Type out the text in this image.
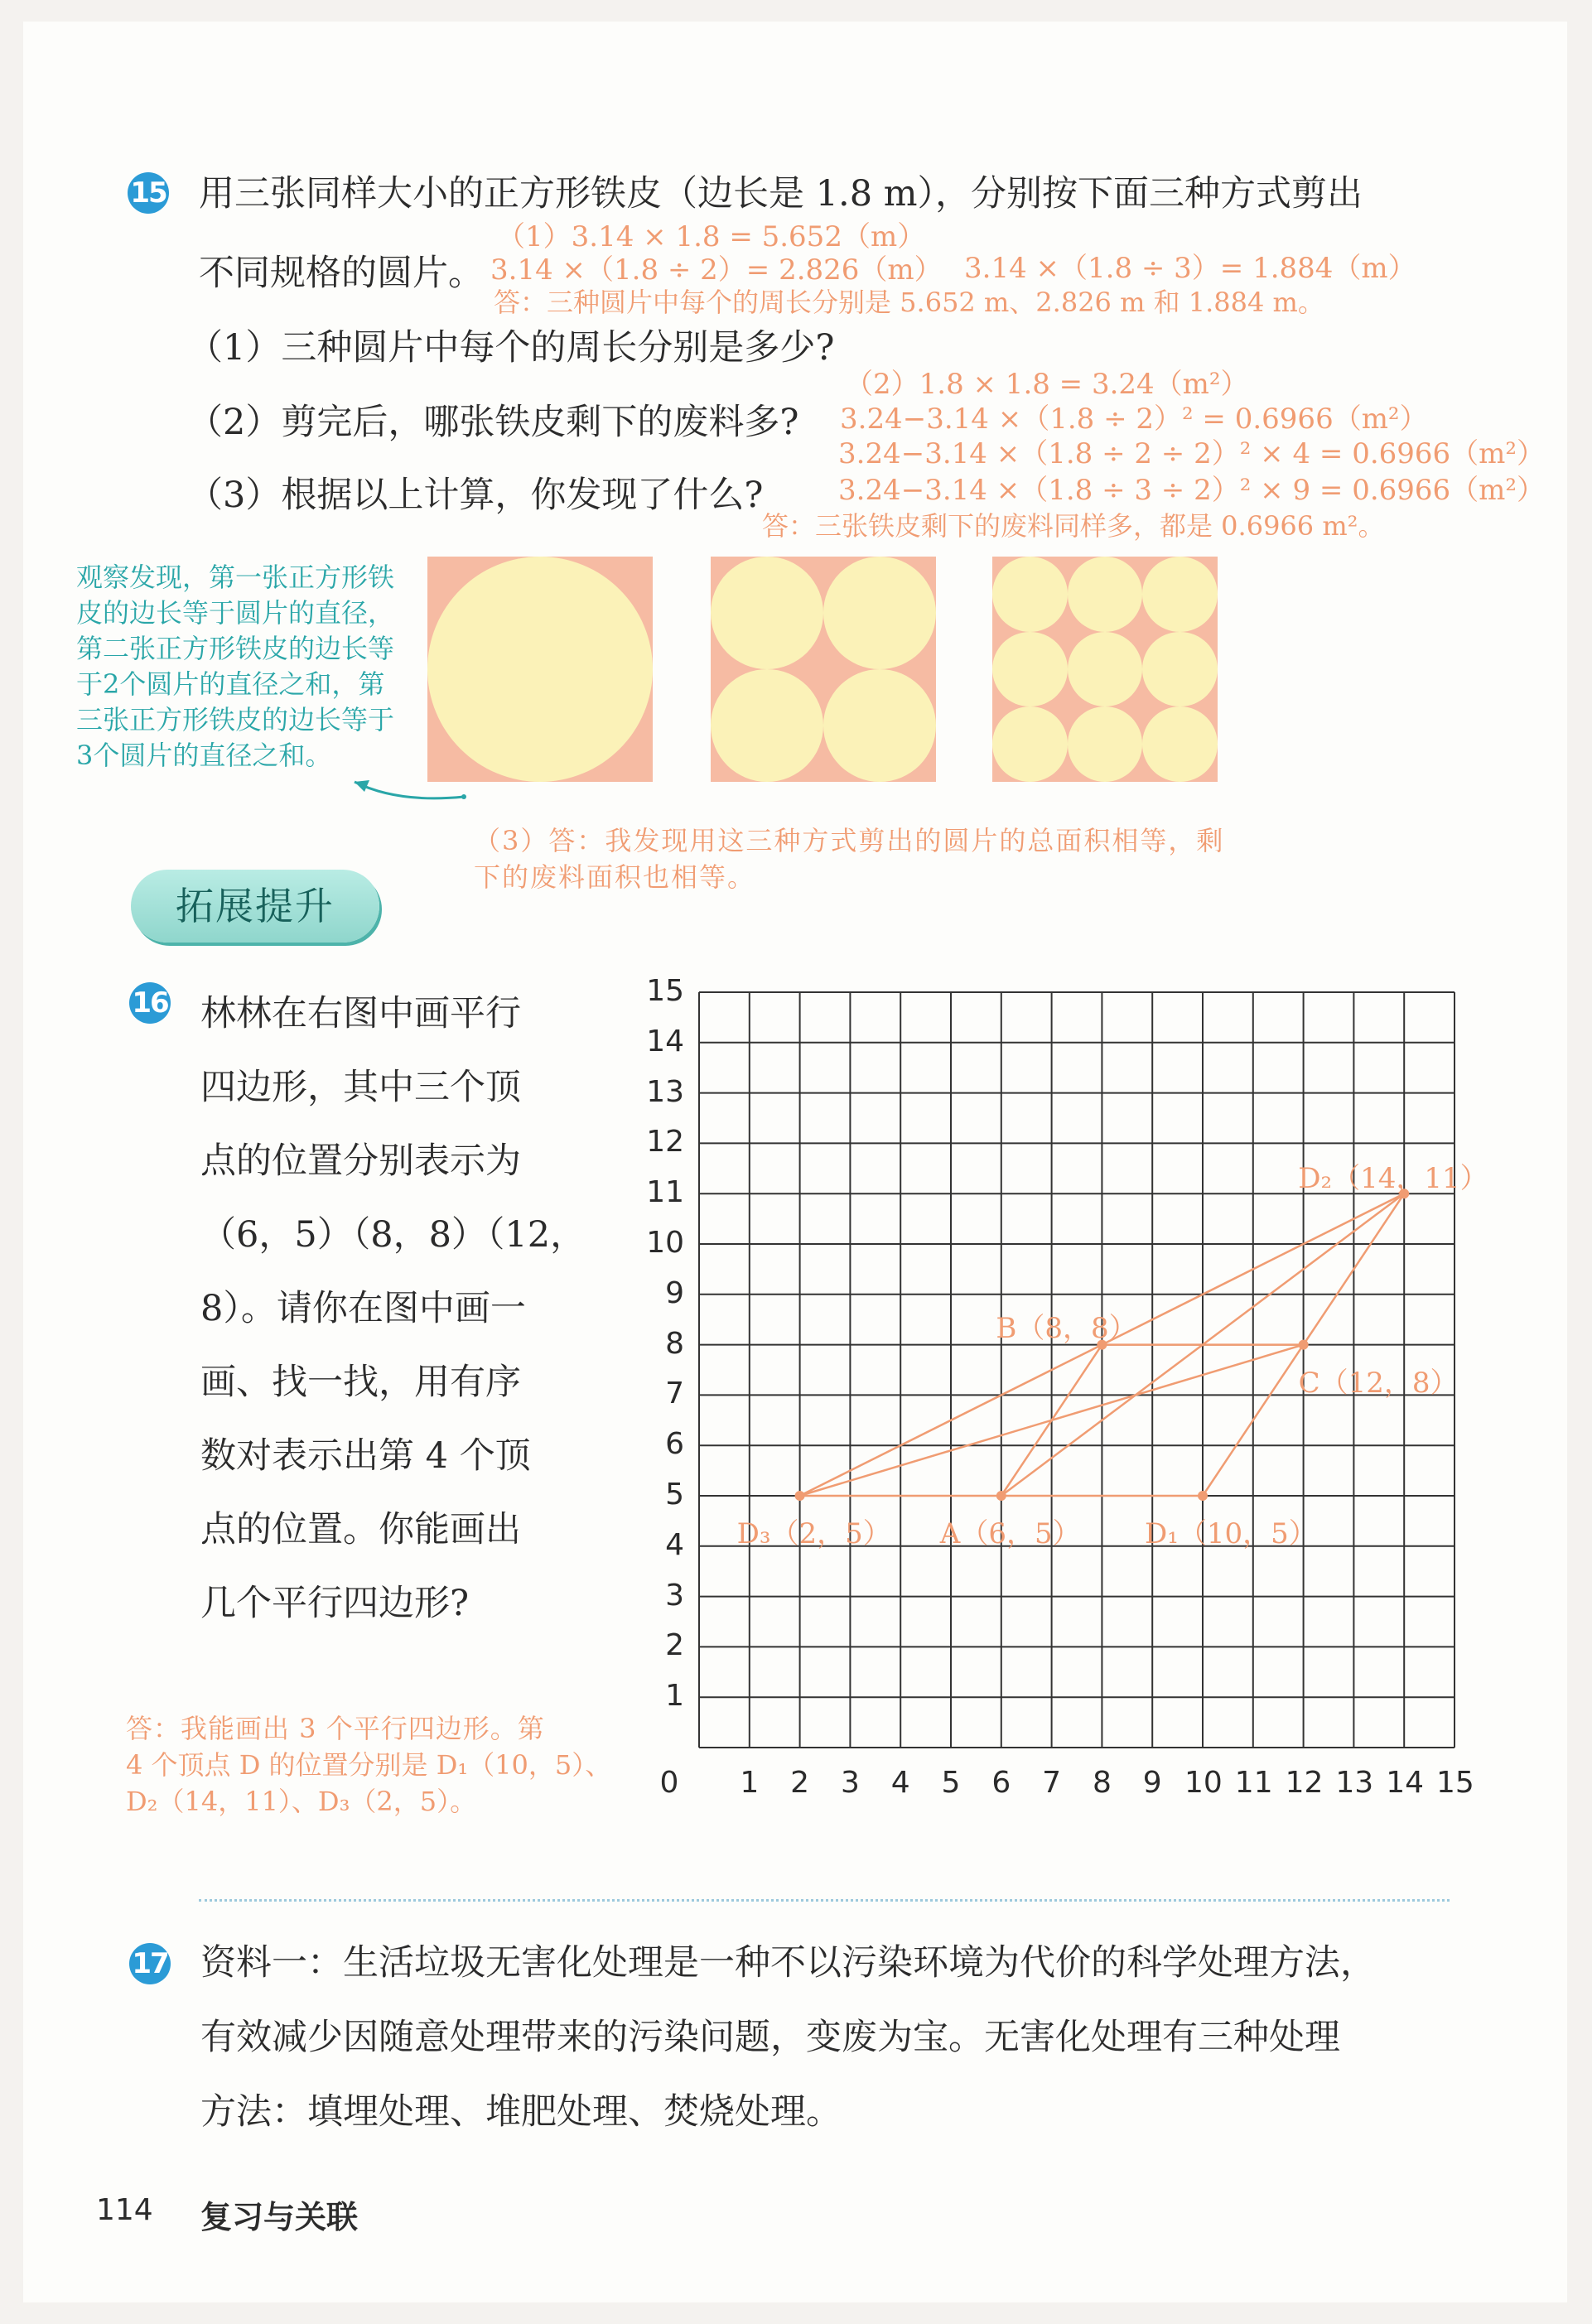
15 用三张同样大小的正方形铁皮（边长是 1.8 m），分别按下面三种方式剪出
（1）3.14 × 1.8 = 5.652（m）
不同规格的圆片。 3.14 ×（1.8 ÷ 2）= 2.826（m） 3.14 ×（1.8 ÷ 3）= 1.884（m）
答：三种圆片中每个的周长分别是 5.652 m、2.826 m 和 1.884 m。
（1）三种圆片中每个的周长分别是多少?
（2）1.8 × 1.8 = 3.24（m²）
（2）剪完后，哪张铁皮剩下的废料多? 3.24−3.14 ×（1.8 ÷ 2）² = 0.6966（m²）
3.24−3.14 ×（1.8 ÷ 2 ÷ 2）² × 4 = 0.6966（m²）
（3）根据以上计算，你发现了什么?	3.24−3.14 ×（1.8 ÷ 3 ÷ 2）² × 9 = 0.6966（m²）
答：三张铁皮剩下的废料同样多，都是 0.6966 m²。
观察发现，第一张正方形铁皮的边长等于圆片的直径，第二张正方形铁皮的边长等于2个圆片的直径之和，第三张正方形铁皮的边长等于3个圆片的直径之和。
（3）答：我发现用这三种方式剪出的圆片的总面积相等，剩
下的废料面积也相等。
拓展提升
16 林林在右图中画平行
四边形，其中三个顶
点的位置分别表示为
（6，5）（8，8）（12，
8）。请你在图中画一
画、找一找，用有序
数对表示出第 4 个顶
点的位置。你能画出
几个平行四边形?
答：我能画出 3 个平行四边形。第
4 个顶点 D 的位置分别是 D₁（10，5）、
D₂（14，11）、D₃（2，5）。
0 1 2 3 4 5 6 7 8 9 10 11 12 13 14 15
1
2
3
4
5
6
7
8
9
10
11
12
13
14
15
A（6，5）
B（8，8）
C（12，8）
D₁（10，5）
D₂（14，11）
D₃（2，5）
17 资料一：生活垃圾无害化处理是一种不以污染环境为代价的科学处理方法，
有效减少因随意处理带来的污染问题，变废为宝。无害化处理有三种处理
方法：填埋处理、堆肥处理、焚烧处理。
114 复习与关联
